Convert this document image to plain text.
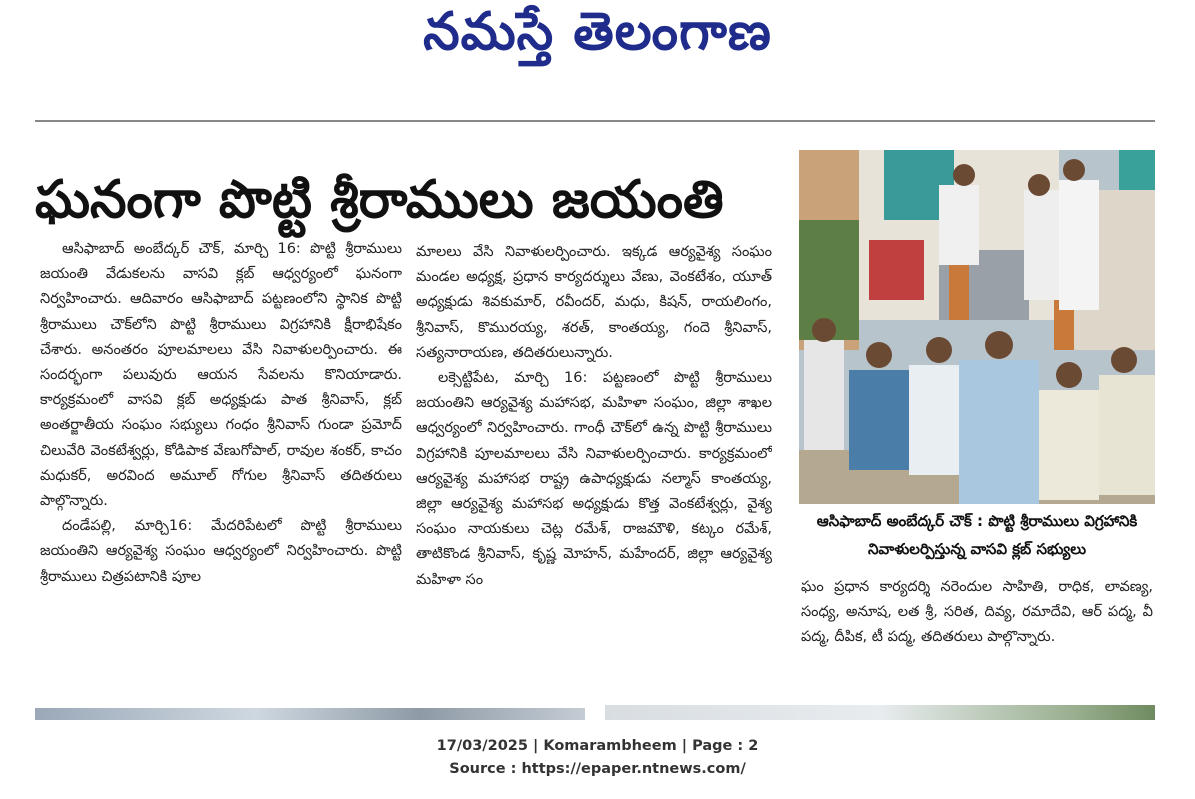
నమస్తే తెలంగాణ
ఘనంగా పొట్టి శ్రీరాములు జయంతి

ఆసిఫాబాద్ అంబేద్కర్ చౌక్, మార్చి 16: పొట్టి శ్రీరాములు జయంతి వేడుకలను వాసవి క్లబ్ ఆధ్వర్యంలో ఘనంగా నిర్వహించారు. ఆదివారం ఆసిఫాబాద్ పట్టణంలోని స్థానిక పొట్టి శ్రీరాములు చౌక్‌లోని పొట్టి శ్రీరాములు విగ్రహానికి క్షీరాభిషేకం చేశారు. అనంతరం పూలమాలలు వేసి నివాళులర్పించారు. ఈ సందర్భంగా పలువురు ఆయన సేవలను కొనియాడారు. కార్యక్రమంలో వాసవి క్లబ్ అధ్యక్షుడు పాత శ్రీనివాస్, క్లబ్ అంతర్జాతీయ సంఘం సభ్యులు గంధం శ్రీనివాస్ గుండా ప్రమోద్ చిలువేరి వెంకటేశ్వర్లు, కోడిపాక వేణుగోపాల్, రావుల శంకర్, కాచం మధుకర్, అరవింద అమూల్ గోగుల శ్రీనివాస్ తదితరులు పాల్గొన్నారు.

దండేపల్లి, మార్చి16: మేదరిపేటలో పొట్టి శ్రీరాములు జయంతిని ఆర్యవైశ్య సంఘం ఆధ్వర్యంలో నిర్వహించారు. పొట్టి శ్రీరాములు చిత్రపటానికి పూల

మాలలు వేసి నివాళులర్పించారు. ఇక్కడ ఆర్యవైశ్య సంఘం మండల అధ్యక్ష, ప్రధాన కార్యదర్శులు వేణు, వెంకటేశం, యూత్ అధ్యక్షుడు శివకుమార్, రవీందర్, మధు, కిషన్, రాయలింగం, శ్రీనివాస్, కొమురయ్య, శరత్, కాంతయ్య, గందె శ్రీనివాస్, సత్యనారాయణ, తదితరులున్నారు.

లక్సెట్టిపేట, మార్చి 16: పట్టణంలో పొట్టి శ్రీరాములు జయంతిని ఆర్యవైశ్య మహాసభ, మహిళా సంఘం, జిల్లా శాఖల ఆధ్వర్యంలో నిర్వహించారు. గాంధీ చౌక్‌లో ఉన్న పొట్టి శ్రీరాములు విగ్రహానికి పూలమాలలు వేసి నివాళులర్పించారు. కార్యక్రమంలో ఆర్యవైశ్య మహాసభ రాష్ట్ర ఉపాధ్యక్షుడు నల్మాస్ కాంతయ్య, జిల్లా ఆర్యవైశ్య మహాసభ అధ్యక్షుడు కొత్త వెంకటేశ్వర్లు, వైశ్య సంఘం నాయకులు చెట్ల రమేశ్, రాజమౌళి, కట్కం రమేశ్, తాటికొండ శ్రీనివాస్, కృష్ణ మోహన్, మహేందర్, జిల్లా ఆర్యవైశ్య మహిళా సం

ఆసిఫాబాద్ అంబేద్కర్ చౌక్ : పొట్టి శ్రీరాములు విగ్రహానికి నివాళులర్పిస్తున్న వాసవి క్లబ్ సభ్యులు

ఘం ప్రధాన కార్యదర్శి నరెందుల సాహితి, రాధిక, లావణ్య, సంధ్య, అనూష, లత శ్రీ, సరిత, దివ్య, రమాదేవి, ఆర్ పద్మ, వీ పద్మ, దీపిక, టీ పద్మ, తదితరులు పాల్గొన్నారు.

17/03/2025 | Komarambheem | Page : 2
Source : https://epaper.ntnews.com/
